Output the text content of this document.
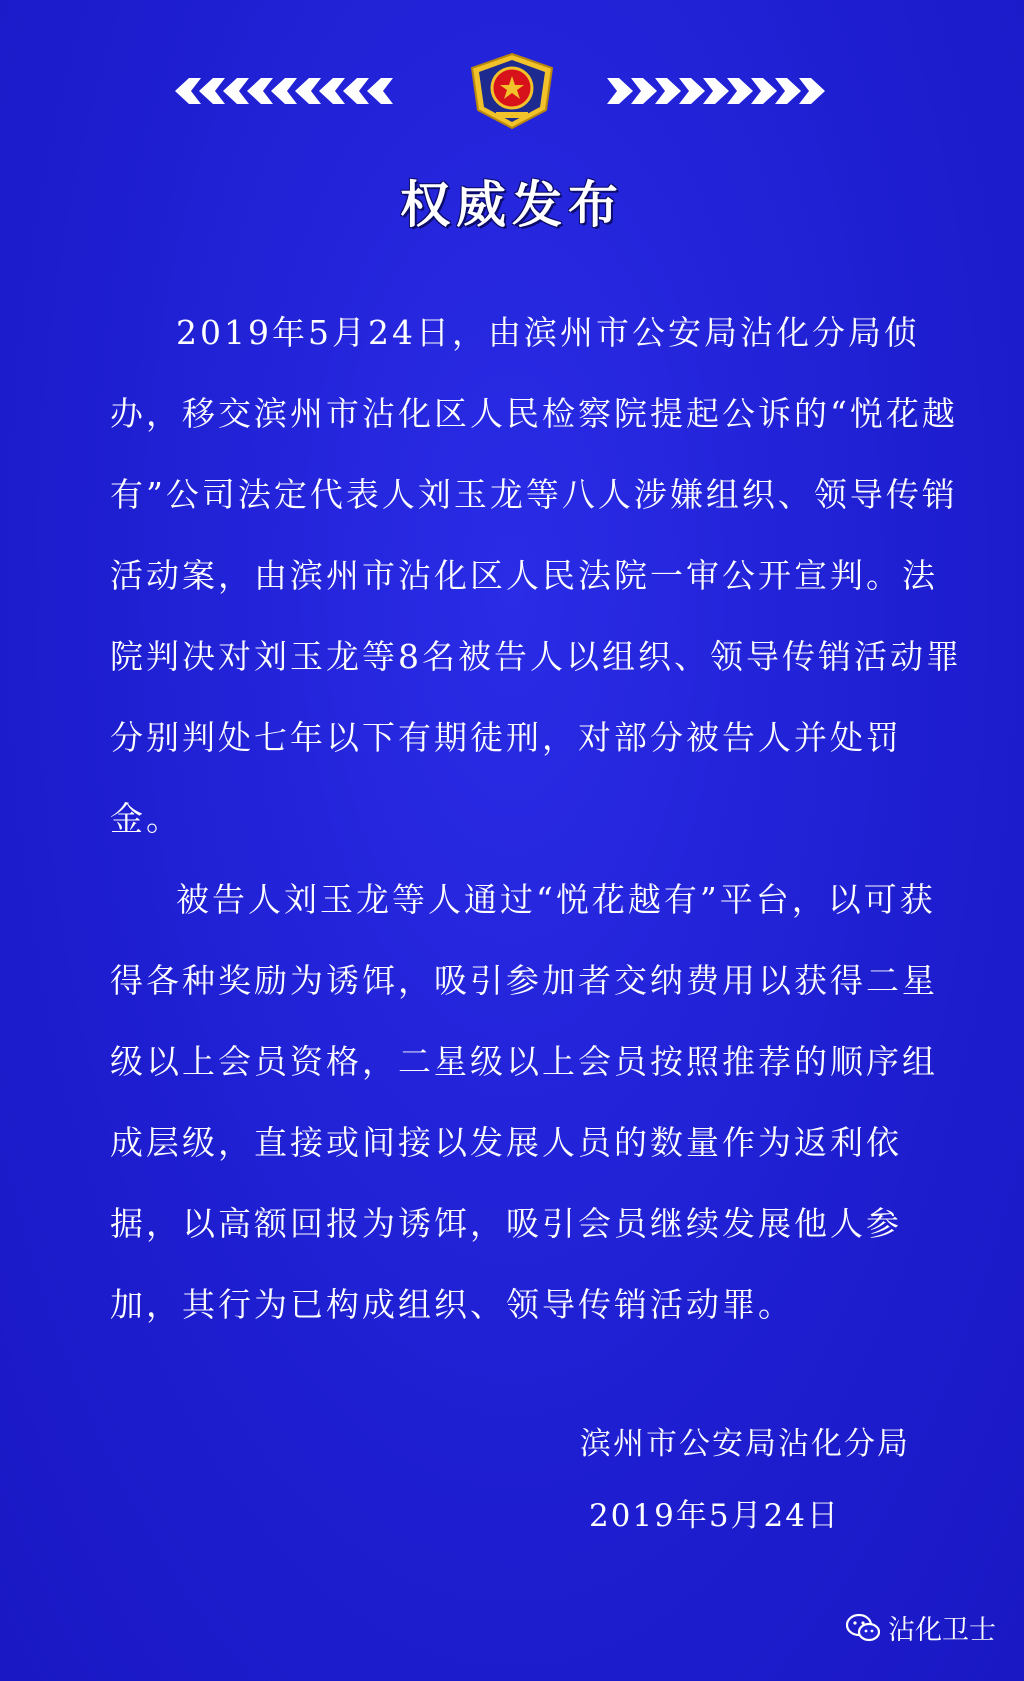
权威发布

2019年5月24日，由滨州市公安局沾化分局侦办，移交滨州市沾化区人民检察院提起公诉的“悦花越有”公司法定代表人刘玉龙等八人涉嫌组织、领导传销活动案，由滨州市沾化区人民法院一审公开宣判。法院判决对刘玉龙等8名被告人以组织、领导传销活动罪分别判处七年以下有期徒刑，对部分被告人并处罚金。

被告人刘玉龙等人通过“悦花越有”平台，以可获得各种奖励为诱饵，吸引参加者交纳费用以获得二星级以上会员资格，二星级以上会员按照推荐的顺序组成层级，直接或间接以发展人员的数量作为返利依据，以高额回报为诱饵，吸引会员继续发展他人参加，其行为已构成组织、领导传销活动罪。

滨州市公安局沾化分局
2019年5月24日
沾化卫士
